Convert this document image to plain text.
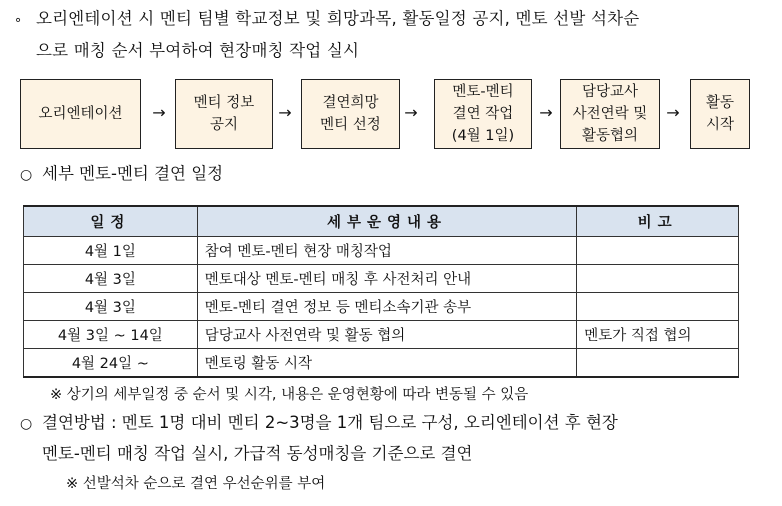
∘ 오리엔테이션 시 멘티 팀별 학교정보 및 희망과목, 활동일정 공지, 멘토 선발 석차순
으로 매칭 순서 부여하여 현장매칭 작업 실시
오리엔테이션 → 멘티 정보
공지
→ 결연희망
멘티 선정
→
멘토-멘티
결연 작업
(4월 1일)
→
담당교사
사전연락 및
활동협의
→ 활동
시작
○ 세부 멘토-멘티 결연 일정
일정	세부운영내용	비고
4월 1일	참여 멘토-멘티 현장 매칭작업	
4월 3일	멘토대상 멘토-멘티 매칭 후 사전처리 안내	
4월 3일	멘토-멘티 결연 정보 등 멘티소속기관 송부	
4월 3일 ~ 14일	담당교사 사전연락 및 활동 협의	멘토가 직접 협의
4월 24일 ~	멘토링 활동 시작	
※ 상기의 세부일정 중 순서 및 시각, 내용은 운영현황에 따라 변동될 수 있음
○ 결연방법 : 멘토 1명 대비 멘티 2~3명을 1개 팀으로 구성, 오리엔테이션 후 현장
멘토-멘티 매칭 작업 실시, 가급적 동성매칭을 기준으로 결연
※ 선발석차 순으로 결연 우선순위를 부여
